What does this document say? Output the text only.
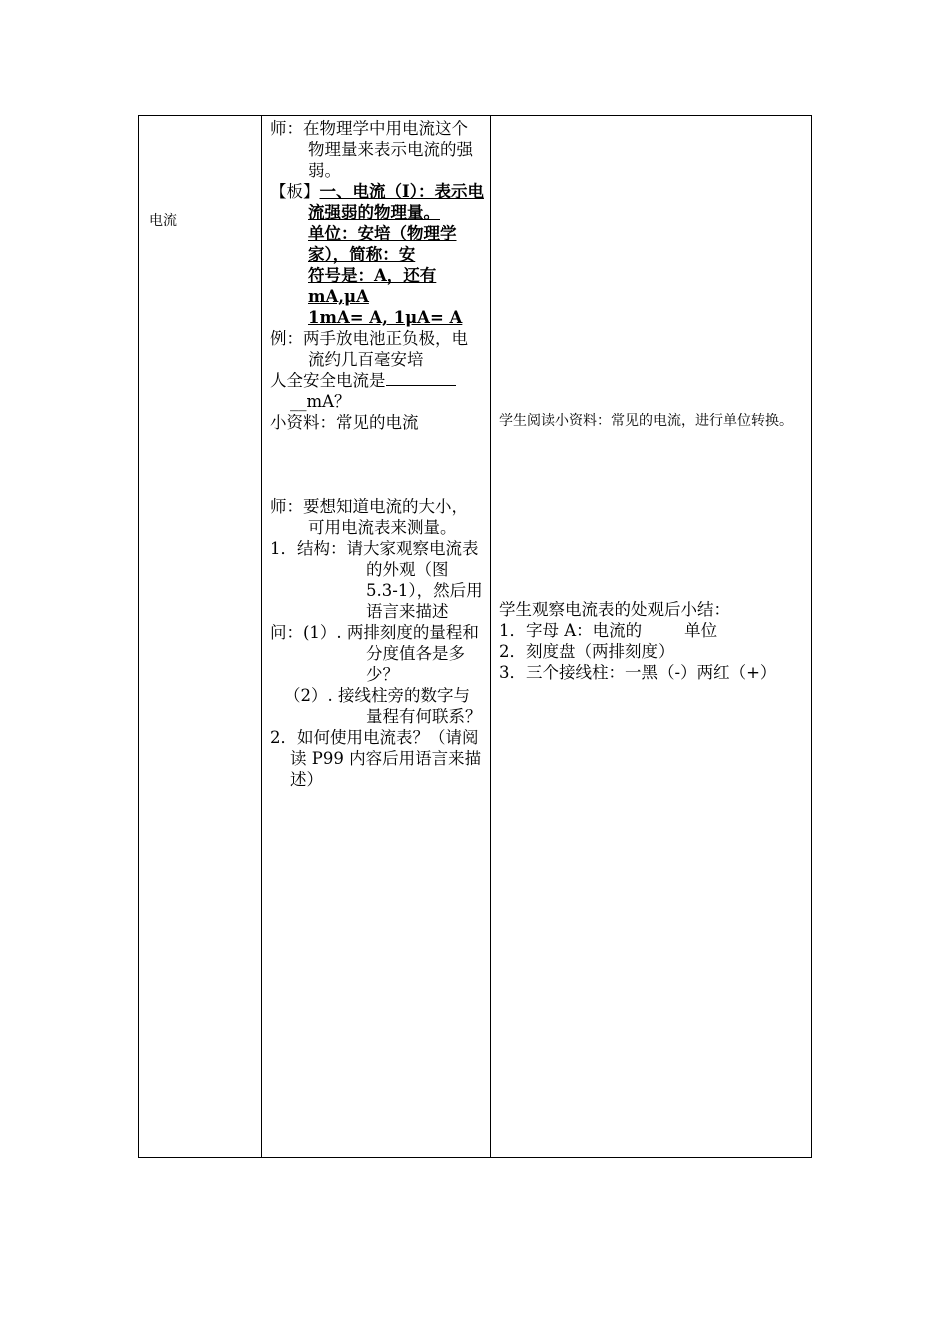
电流

师：在物理学中用电流这个物理量来表示电流的强弱。

【板】一、电流（I）：表示电流强弱的物理量。

单位：安培（物理学家），简称：安

符号是：A，还有 mA,μA

1mA= A, 1μA= A

例：两手放电池正负极，电流约几百毫安培

人全安全电流是 __mA？

小资料：常见的电流

师：要想知道电流的大小，可用电流表来测量。

1．结构：请大家观察电流表的外观（图 5.3-1），然后用语言来描述

问：(1）. 两排刻度的量程和分度值各是多少？

（2）. 接线柱旁的数字与量程有何联系？

2．如何使用电流表？（请阅读 P99 内容后用语言来描述）

学生阅读小资料：常见的电流，进行单位转换。

学生观察电流表的处观后小结：

1．字母 A：电流的        单位

2．刻度盘（两排刻度）

3．三个接线柱：一黑（-）两红（+）
